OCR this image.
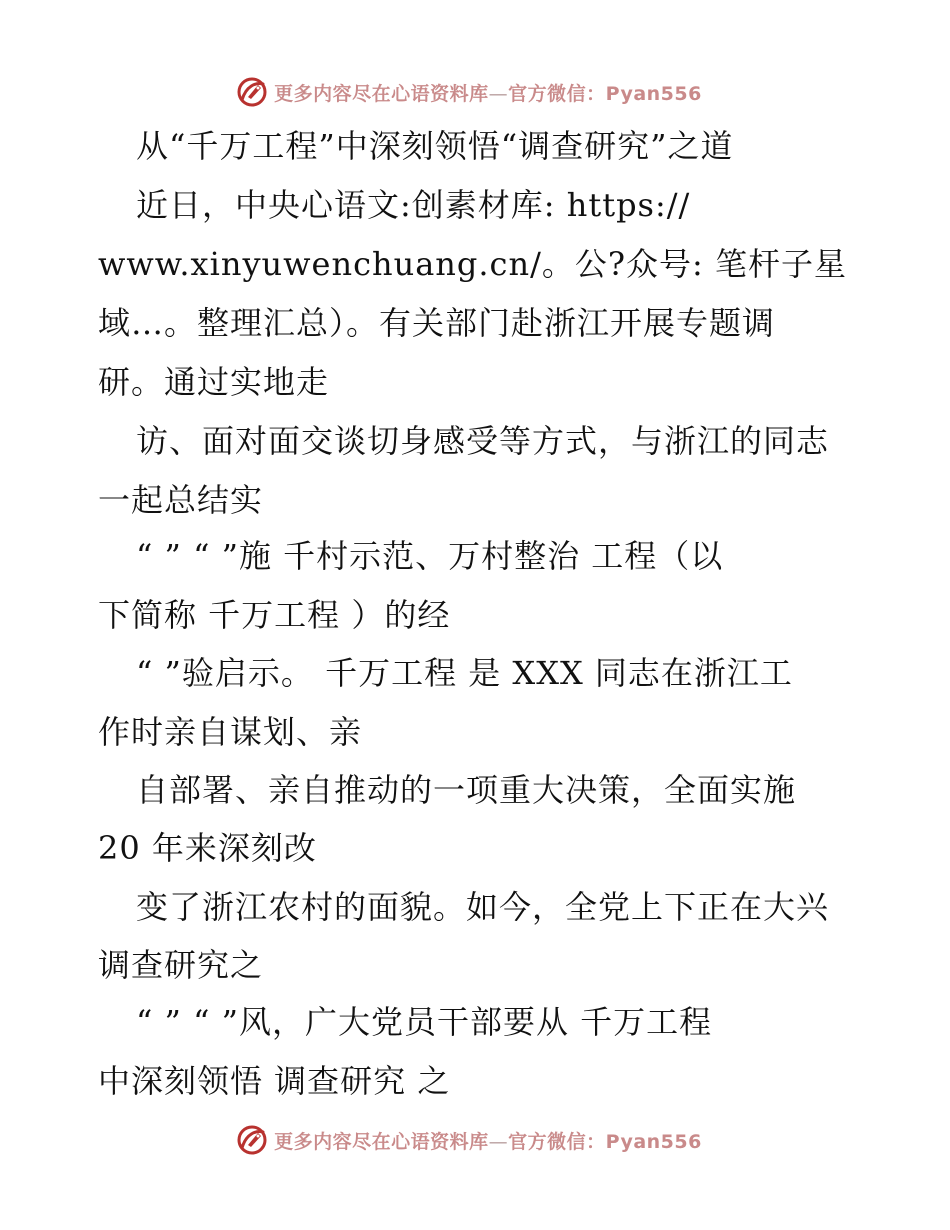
更多内容尽在心语资料库—官方微信：Pyan556
从“千万工程”中深刻领悟“调查研究”之道
近日，中央心语文:创素材库: https://
www.xinyuwenchuang.cn/。公?众号: 笔杆子星
域…。整理汇总）。有关部门赴浙江开展专题调
研。通过实地走
访、面对面交谈切身感受等方式，与浙江的同志
一起总结实
“ ” “ ”施 千村示范、万村整治 工程（以
下简称 千万工程 ）的经
“ ”验启示。 千万工程 是 XXX 同志在浙江工
作时亲自谋划、亲
自部署、亲自推动的一项重大决策，全面实施
20 年来深刻改
变了浙江农村的面貌。如今，全党上下正在大兴
调查研究之
“ ” “ ”风，广大党员干部要从 千万工程
中深刻领悟 调查研究 之
更多内容尽在心语资料库—官方微信：Pyan556
